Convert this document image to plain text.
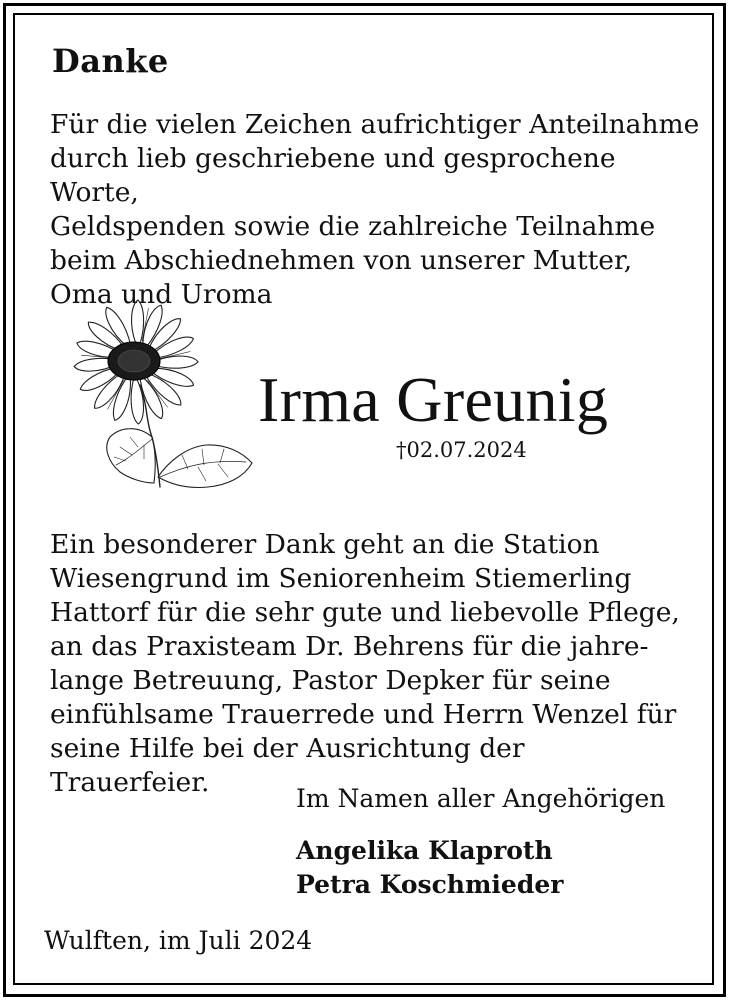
Danke

Für die vielen Zeichen aufrichtiger Anteilnahme
durch lieb geschriebene und gesprochene Worte,
Geldspenden sowie die zahlreiche Teilnahme
beim Abschiednehmen von unserer Mutter,
Oma und Uroma

Irma Greunig

†02.07.2024

Ein besonderer Dank geht an die Station
Wiesengrund im Seniorenheim Stiemerling
Hattorf für die sehr gute und liebevolle Pflege,
an das Praxisteam Dr. Behrens für die jahre-
lange Betreuung, Pastor Depker für seine
einfühlsame Trauerrede und Herrn Wenzel für
seine Hilfe bei der Ausrichtung der Trauerfeier.

Im Namen aller Angehörigen

Angelika Klaproth
Petra Koschmieder

Wulften, im Juli 2024
